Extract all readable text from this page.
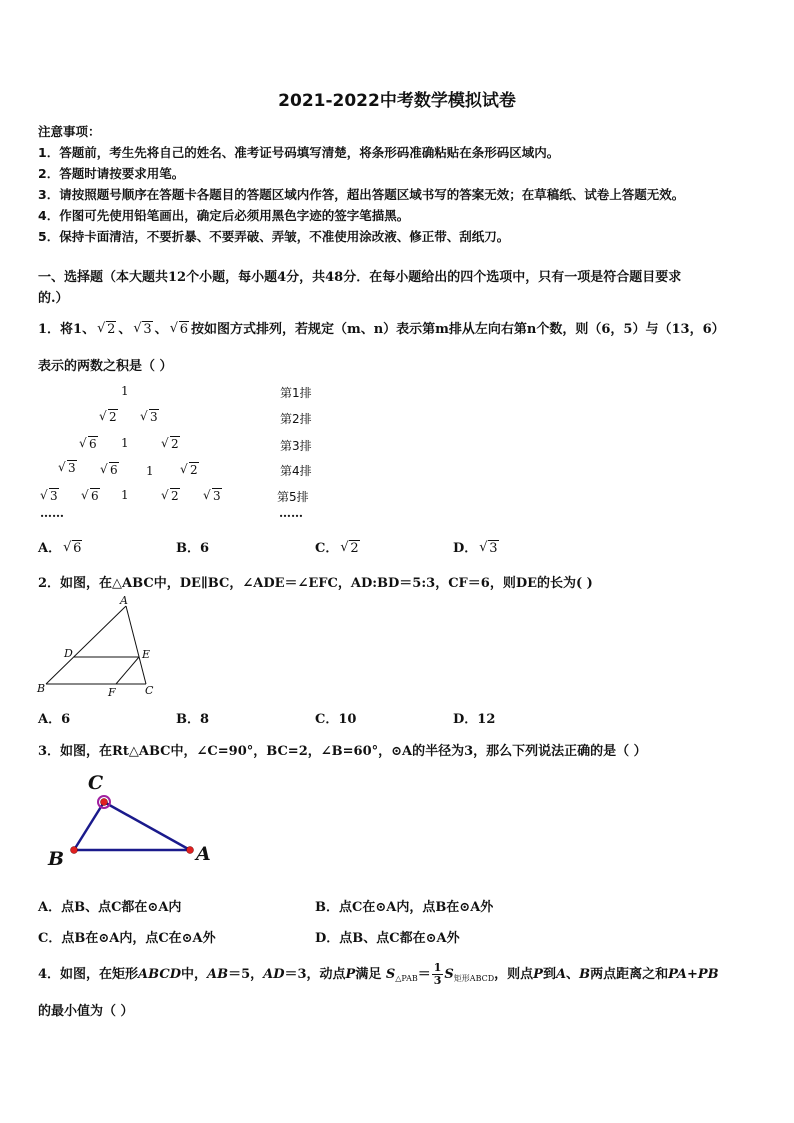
2021-2022中考数学模拟试卷
注意事项：
1．答题前，考生先将自己的姓名、准考证号码填写清楚，将条形码准确粘贴在条形码区域内。
2．答题时请按要求用笔。
3．请按照题号顺序在答题卡各题目的答题区域内作答，超出答题区域书写的答案无效；在草稿纸、试卷上答题无效。
4．作图可先使用铅笔画出，确定后必须用黑色字迹的签字笔描黑。
5．保持卡面清洁，不要折暴、不要弄破、弄皱，不准使用涂改液、修正带、刮纸刀。
一、选择题（本大题共12个小题，每小题4分，共48分．在每小题给出的四个选项中，只有一项是符合题目要求
的.）
1．将1、 √ 2 、 √ 3 、 √ 6 按如图方式排列，若规定（m、n）表示第m排从左向右第n个数，则（6，5）与（13，6）
表示的两数之积是（ ）
1
√ 2	√ 3
√ 6 1	√ 2
√ 3	√ 6 1	√ 2
√ 3	√ 6 1	√ 2	√ 3
……
第1排
第2排
第3排
第4排
第5排
……
A． √ 6	B．6	C． √ 2	D． √ 3
2．如图，在△ABC中，DE∥BC，∠ADE＝∠EFC，AD:BD＝5:3，CF＝6，则DE的长为( )
A
B	C
D	E
F
A．6	B．8	C．10	D．12
3．如图，在Rt△ABC中，∠C=90°，BC=2，∠B=60°，⊙A的半径为3，那么下列说法正确的是（ ）
C
B	A
A．点B、点C都在⊙A内	B．点C在⊙A内，点B在⊙A外
C．点B在⊙A内，点C在⊙A外	D．点B、点C都在⊙A外
4．如图，在矩形ABCD中，AB＝5，AD＝3，动点P满足 $S_{\triangle PAB}= \frac{1}{3} S_{矩形ABCD}$，则点P到A、B两点距离之和PA+PB
的最小值为（ ）
